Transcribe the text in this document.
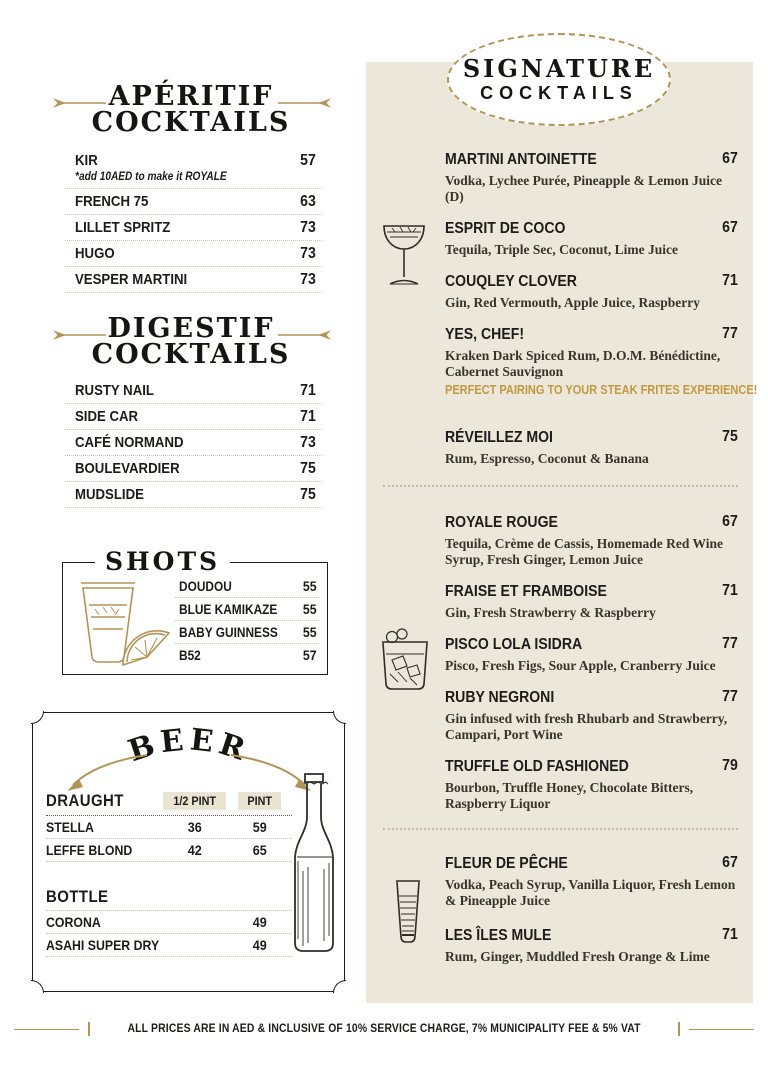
APÉRITIF
COCKTAILS
KIR	57
*add 10AED to make it ROYALE
FRENCH 75	63
LILLET SPRITZ	73
HUGO	73
VESPER MARTINI	73
DIGESTIF
COCKTAILS
RUSTY NAIL	71
SIDE CAR	71
CAFÉ NORMAND	73
BOULEVARDIER	75
MUDSLIDE	75
SHOTS
DOUDOU	55
BLUE KAMIKAZE 55
BABY GUINNESS 55
B52	57
BEER
DRAUGHT	1/2 PINT	PINT
STELLA	36	59
LEFFE BLOND	42	65
BOTTLE
CORONA	49
ASAHI SUPER DRY	49
MARTINI ANTOINETTE	67
Vodka, Lychee Purée, Pineapple & Lemon Juice (D)
ESPRIT DE COCO	67
Tequila, Triple Sec, Coconut, Lime Juice
COUQLEY CLOVER	71
Gin, Red Vermouth, Apple Juice, Raspberry
YES, CHEF!	77
Kraken Dark Spiced Rum, D.O.M. Bénédictine, Cabernet Sauvignon
PERFECT PAIRING TO YOUR STEAK FRITES EXPERIENCE!
RÉVEILLEZ MOI	75
Rum, Espresso, Coconut & Banana
ROYALE ROUGE	67
Tequila, Crème de Cassis, Homemade Red Wine Syrup, Fresh Ginger, Lemon Juice
FRAISE ET FRAMBOISE	71
Gin, Fresh Strawberry & Raspberry
PISCO LOLA ISIDRA	77
Pisco, Fresh Figs, Sour Apple, Cranberry Juice
RUBY NEGRONI	77
Gin infused with fresh Rhubarb and Strawberry, Campari, Port Wine
TRUFFLE OLD FASHIONED	79
Bourbon, Truffle Honey, Chocolate Bitters, Raspberry Liquor
FLEUR DE PÊCHE	67
Vodka, Peach Syrup, Vanilla Liquor, Fresh Lemon & Pineapple Juice
LES ÎLES MULE	71
Rum, Ginger, Muddled Fresh Orange & Lime
SIGNATURE
COCKTAILS
ALL PRICES ARE IN AED & INCLUSIVE OF 10% SERVICE CHARGE, 7% MUNICIPALITY FEE & 5% VAT
